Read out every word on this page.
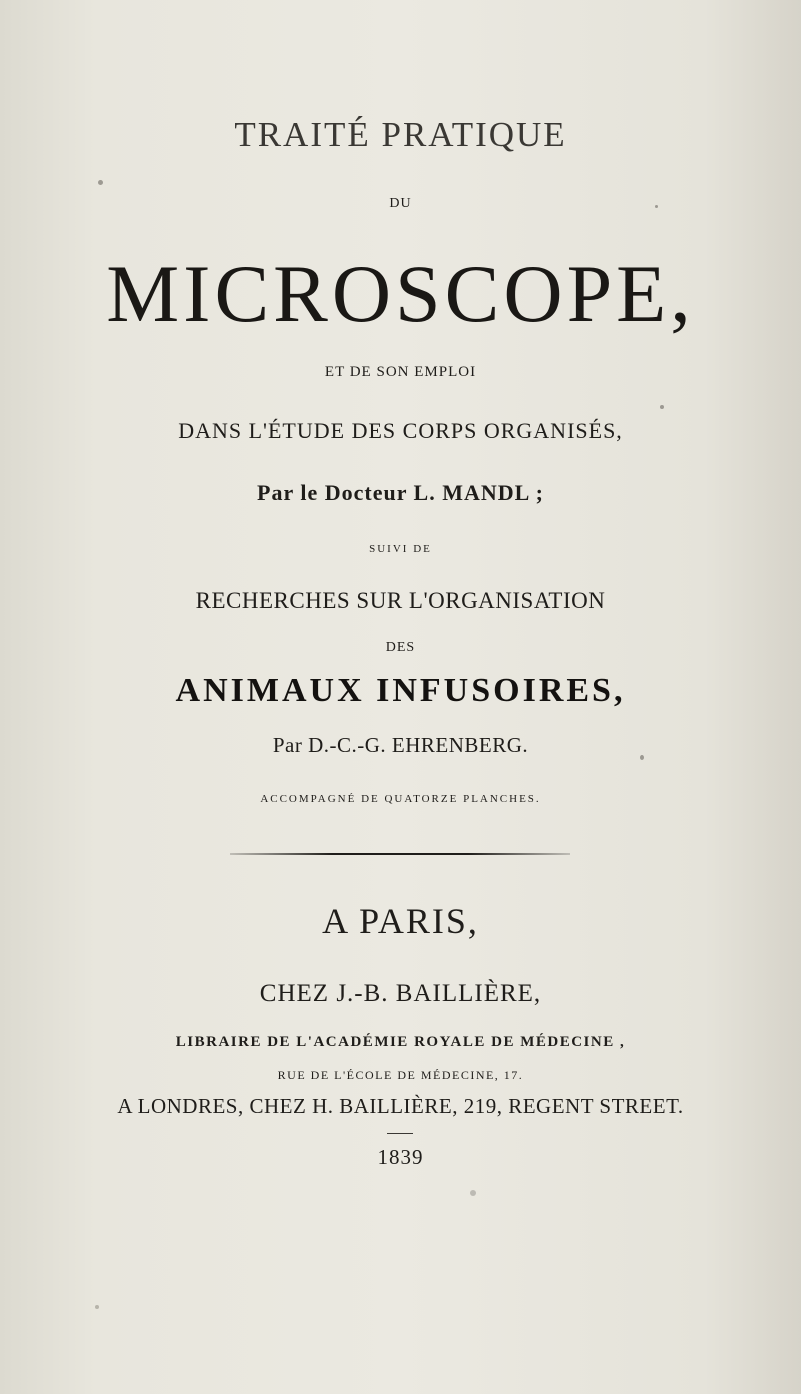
TRAITÉ PRATIQUE
DU
MICROSCOPE,
ET DE SON EMPLOI
DANS L'ÉTUDE DES CORPS ORGANISÉS,
Par le Docteur L. MANDL ;
SUIVI DE
RECHERCHES SUR L'ORGANISATION
DES
ANIMAUX INFUSOIRES,
Par D.-C.-G. EHRENBERG.
ACCOMPAGNÉ DE QUATORZE PLANCHES.
A PARIS,
CHEZ J.-B. BAILLIÈRE,
LIBRAIRE DE L'ACADÉMIE ROYALE DE MÉDECINE ,
RUE DE L'ÉCOLE DE MÉDECINE, 17.
A LONDRES, CHEZ H. BAILLIÈRE, 219, REGENT STREET.
1839
